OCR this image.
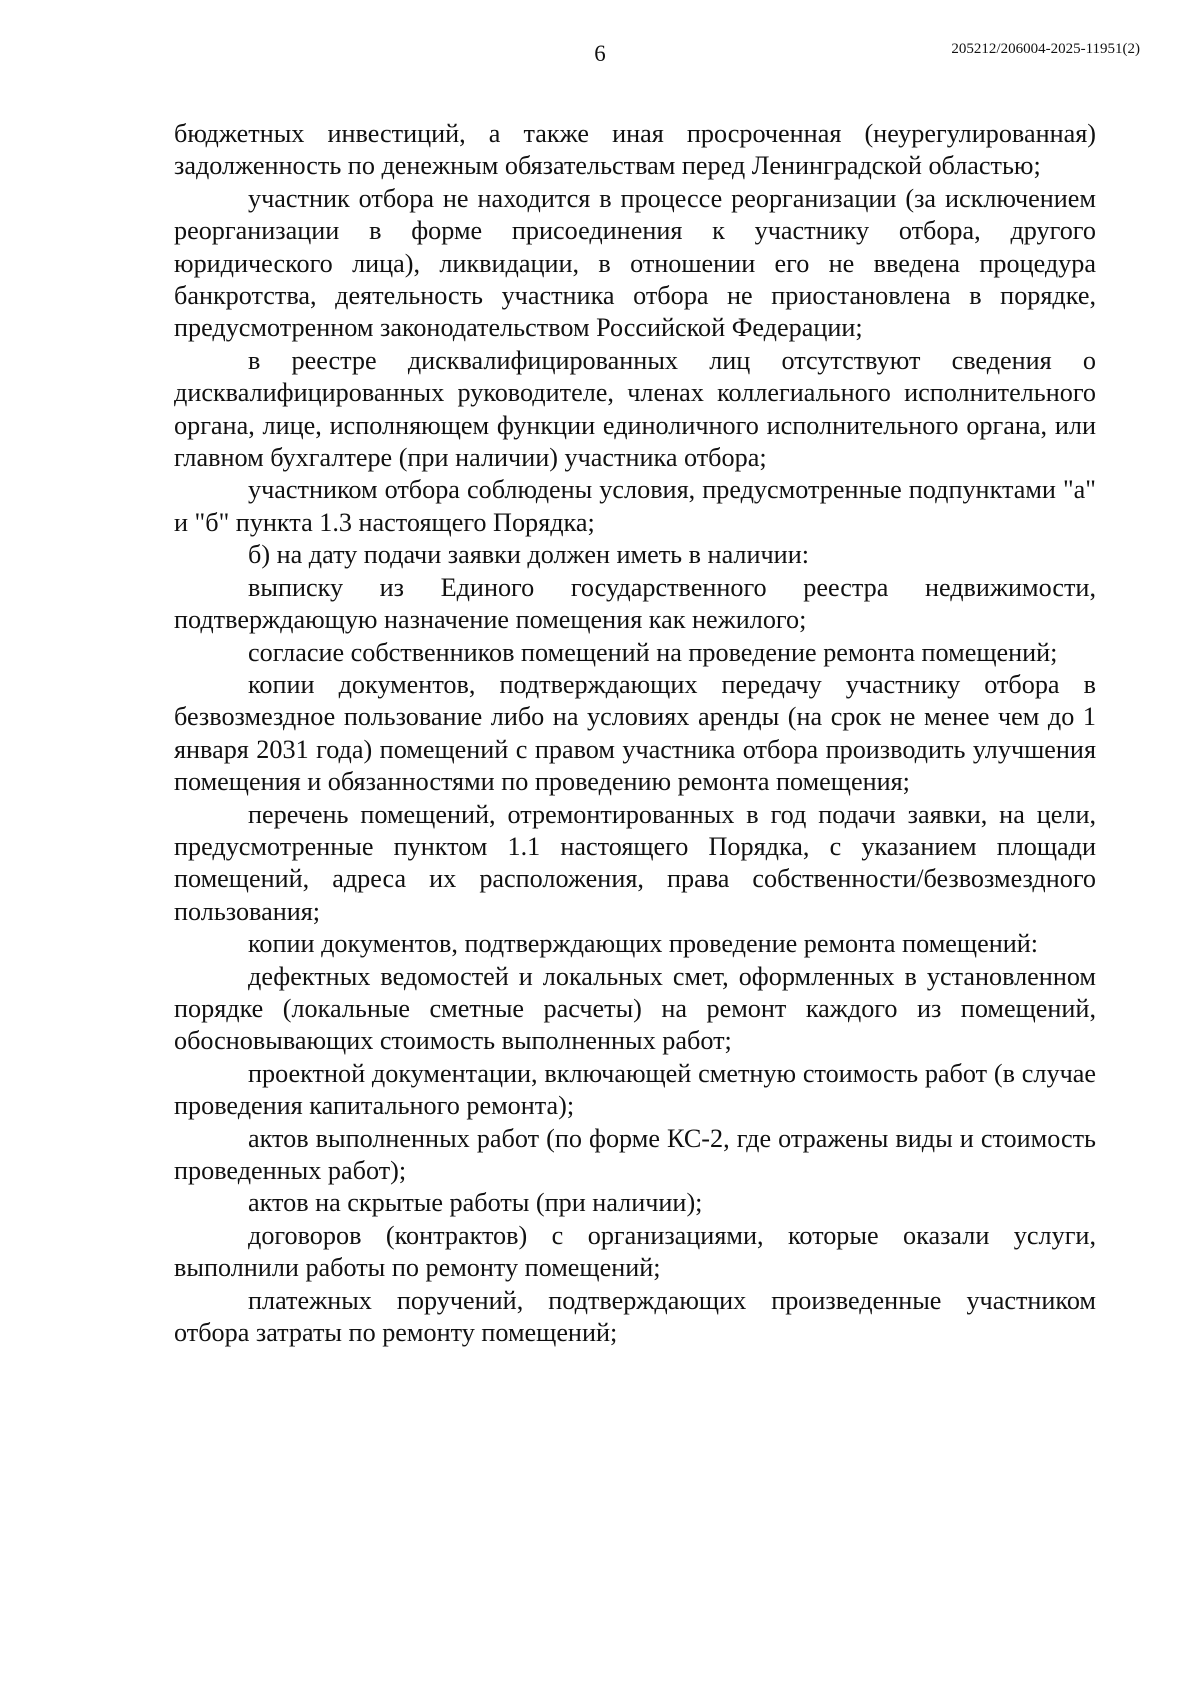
6	205212/206004-2025-11951(2)

бюджетных инвестиций, а также иная просроченная (неурегулированная) задолженность по денежным обязательствам перед Ленинградской областью;

участник отбора не находится в процессе реорганизации (за исключением реорганизации в форме присоединения к участнику отбора, другого юридического лица), ликвидации, в отношении его не введена процедура банкротства, деятельность участника отбора не приостановлена в порядке, предусмотренном законодательством Российской Федерации;

в реестре дисквалифицированных лиц отсутствуют сведения о дисквалифицированных руководителе, членах коллегиального исполнительного органа, лице, исполняющем функции единоличного исполнительного органа, или главном бухгалтере (при наличии) участника отбора;

участником отбора соблюдены условия, предусмотренные подпунктами "а" и "б" пункта 1.3 настоящего Порядка;

б) на дату подачи заявки должен иметь в наличии:

выписку из Единого государственного реестра недвижимости, подтверждающую назначение помещения как нежилого;

согласие собственников помещений на проведение ремонта помещений;

копии документов, подтверждающих передачу участнику отбора в безвозмездное пользование либо на условиях аренды (на срок не менее чем до 1 января 2031 года) помещений с правом участника отбора производить улучшения помещения и обязанностями по проведению ремонта помещения;

перечень помещений, отремонтированных в год подачи заявки, на цели, предусмотренные пунктом 1.1 настоящего Порядка, с указанием площади помещений, адреса их расположения, права собственности/безвозмездного пользования;

копии документов, подтверждающих проведение ремонта помещений:

дефектных ведомостей и локальных смет, оформленных в установленном порядке (локальные сметные расчеты) на ремонт каждого из помещений, обосновывающих стоимость выполненных работ;

проектной документации, включающей сметную стоимость работ (в случае проведения капитального ремонта);

актов выполненных работ (по форме КС-2, где отражены виды и стоимость проведенных работ);

актов на скрытые работы (при наличии);

договоров (контрактов) с организациями, которые оказали услуги, выполнили работы по ремонту помещений;

платежных поручений, подтверждающих произведенные участником отбора затраты по ремонту помещений;
